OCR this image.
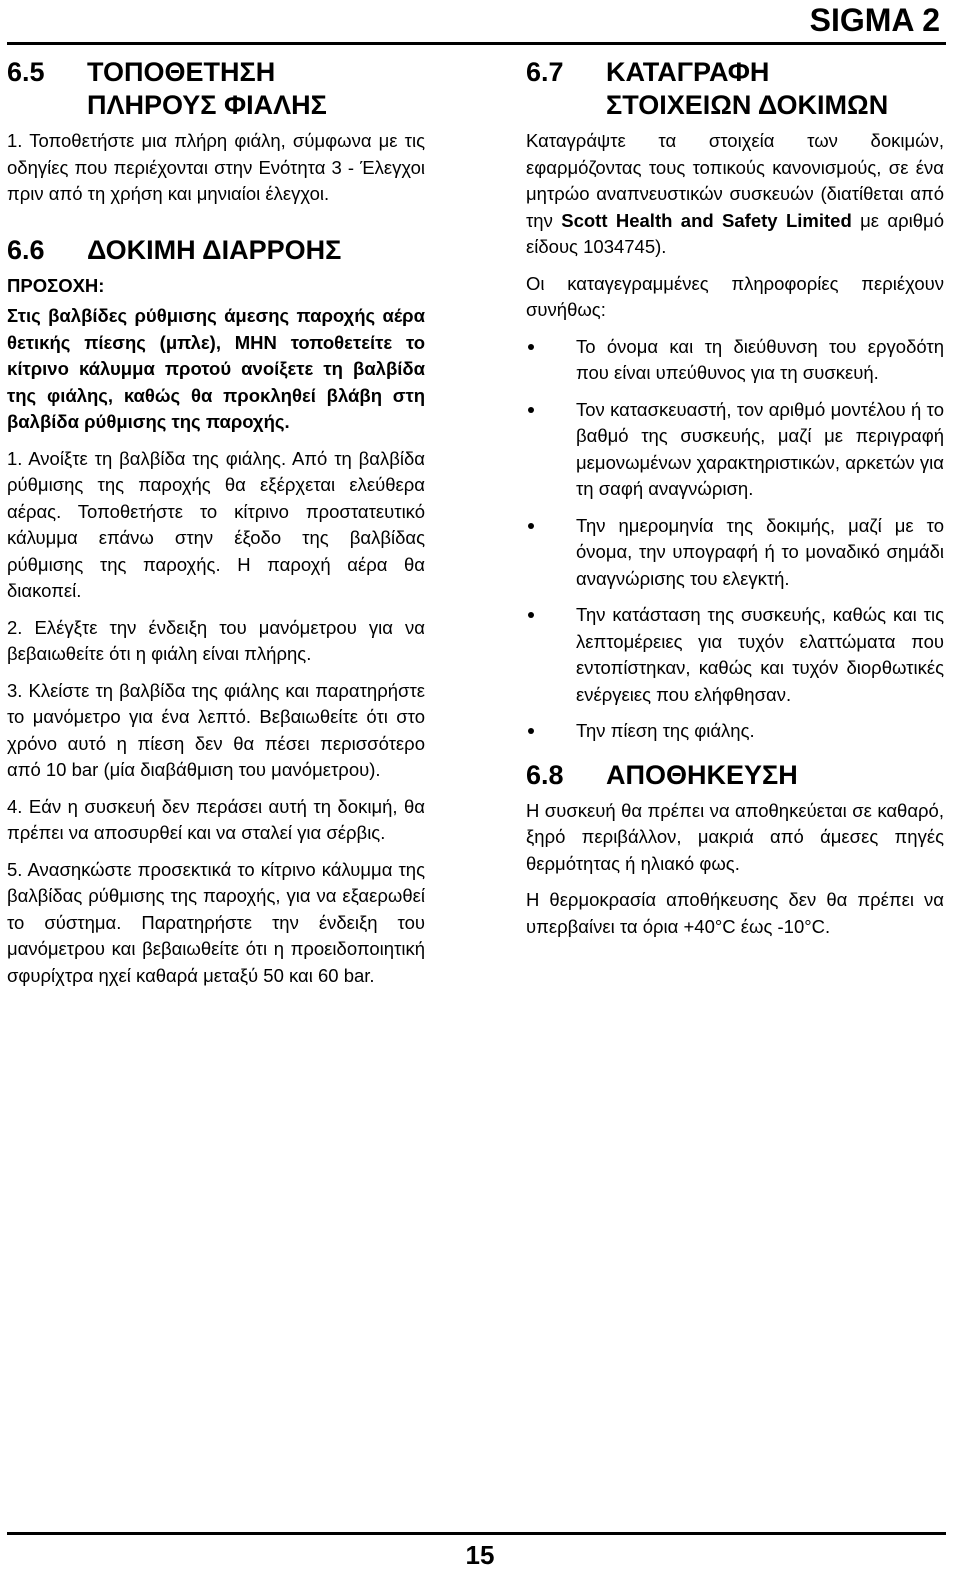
SIGMA 2
6.5	ΤΟΠΟΘΕΤΗΣΗ
ΠΛΗΡΟΥΣ ΦΙΑΛΗΣ

1. Τοποθετήστε μια πλήρη φιάλη, σύμφωνα με τις οδηγίες που περιέχονται στην Ενότητα 3 - Έλεγχοι πριν από τη χρήση και μηνιαίοι έλεγχοι.

6.6	ΔΟΚΙΜΗ ΔΙΑΡΡΟΗΣ

ΠΡΟΣΟΧΗ:

Στις βαλβίδες ρύθμισης άμεσης παροχής αέρα θετικής πίεσης (μπλε), ΜΗΝ τοποθετείτε το κίτρινο κάλυμμα προτού ανοίξετε τη βαλβίδα της φιάλης, καθώς θα προκληθεί βλάβη στη βαλβίδα ρύθμισης της παροχής.

1. Ανοίξτε τη βαλβίδα της φιάλης. Από τη βαλβίδα ρύθμισης της παροχής θα εξέρχεται ελεύθερα αέρας. Τοποθετήστε το κίτρινο προστατευτικό κάλυμμα επάνω στην έξοδο της βαλβίδας ρύθμισης της παροχής. Η παροχή αέρα θα διακοπεί.

2. Ελέγξτε την ένδειξη του μανόμετρου για να βεβαιωθείτε ότι η φιάλη είναι πλήρης.

3. Κλείστε τη βαλβίδα της φιάλης και παρατηρήστε το μανόμετρο για ένα λεπτό. Βεβαιωθείτε ότι στο χρόνο αυτό η πίεση δεν θα πέσει περισσότερο από 10 bar (μία διαβάθμιση του μανόμετρου).

4. Εάν η συσκευή δεν περάσει αυτή τη δοκιμή, θα πρέπει να αποσυρθεί και να σταλεί για σέρβις.

5. Ανασηκώστε προσεκτικά το κίτρινο κάλυμμα της βαλβίδας ρύθμισης της παροχής, για να εξαερωθεί το σύστημα. Παρατηρήστε την ένδειξη του μανόμετρου και βεβαιωθείτε ότι η προειδοποιητική σφυρίχτρα ηχεί καθαρά μεταξύ 50 και 60 bar.

6.7	ΚΑΤΑΓΡΑΦΗ
ΣΤΟΙΧΕΙΩΝ ΔΟΚΙΜΩΝ

Καταγράψτε τα στοιχεία των δοκιμών, εφαρμόζοντας τους τοπικούς κανονισμούς, σε ένα μητρώο αναπνευστικών συσκευών (διατίθεται από την Scott Health and Safety Limited με αριθμό είδους 1034745).

Οι καταγεγραμμένες πληροφορίες περιέχουν συνήθως:

Το όνομα και τη διεύθυνση του εργοδότη που είναι υπεύθυνος για τη συσκευή.
Τον κατασκευαστή, τον αριθμό μοντέλου ή το βαθμό της συσκευής, μαζί με περιγραφή μεμονωμένων χαρακτηριστικών, αρκετών για τη σαφή αναγνώριση.
Την ημερομηνία της δοκιμής, μαζί με το όνομα, την υπογραφή ή το μοναδικό σημάδι αναγνώρισης του ελεγκτή.
Την κατάσταση της συσκευής, καθώς και τις λεπτομέρειες για τυχόν ελαττώματα που εντοπίστηκαν, καθώς και τυχόν διορθωτικές ενέργειες που ελήφθησαν.
Την πίεση της φιάλης.
6.8	ΑΠΟΘΗΚΕΥΣΗ

Η συσκευή θα πρέπει να αποθηκεύεται σε καθαρό, ξηρό περιβάλλον, μακριά από άμεσες πηγές θερμότητας ή ηλιακό φως.

Η θερμοκρασία αποθήκευσης δεν θα πρέπει να υπερβαίνει τα όρια +40°C έως -10°C.

15
